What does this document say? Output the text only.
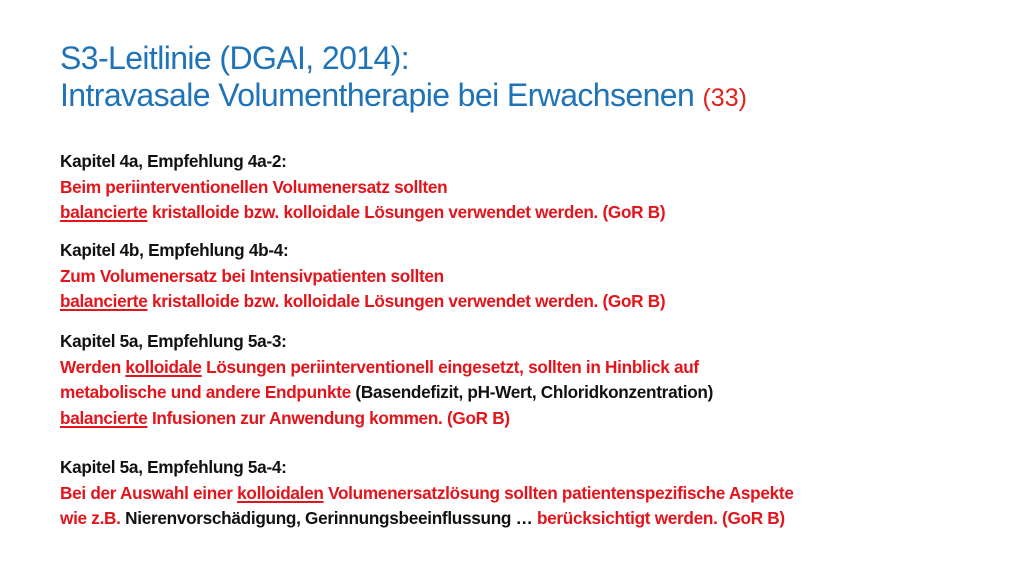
S3-Leitlinie (DGAI, 2014):
Intravasale Volumentherapie bei Erwachsenen (33)
Kapitel 4a, Empfehlung 4a-2:
Beim periinterventionellen Volumenersatz sollten
balancierte kristalloide bzw. kolloidale Lösungen verwendet werden. (GoR B)
Kapitel 4b, Empfehlung 4b-4:
Zum Volumenersatz bei Intensivpatienten sollten
balancierte kristalloide bzw. kolloidale Lösungen verwendet werden. (GoR B)
Kapitel 5a, Empfehlung 5a-3:
Werden kolloidale Lösungen periinterventionell eingesetzt, sollten in Hinblick auf
metabolische und andere Endpunkte (Basendefizit, pH-Wert, Chloridkonzentration)
balancierte Infusionen zur Anwendung kommen. (GoR B)
Kapitel 5a, Empfehlung 5a-4:
Bei der Auswahl einer kolloidalen Volumenersatzlösung sollten patientenspezifische Aspekte
wie z.B. Nierenvorschädigung, Gerinnungsbeeinflussung … berücksichtigt werden. (GoR B)
